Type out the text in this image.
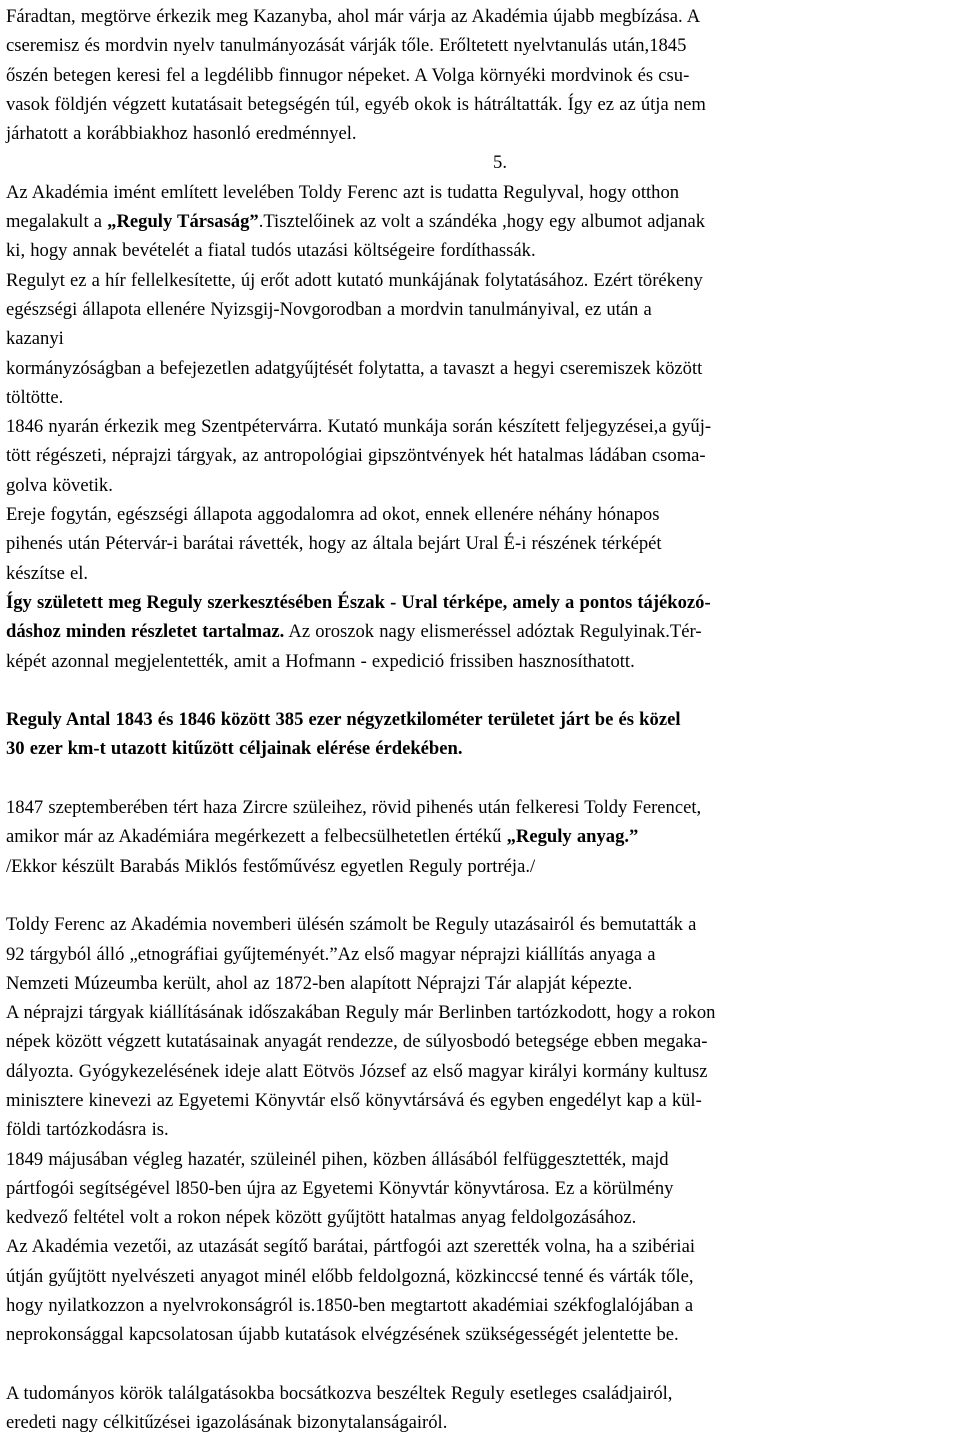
Fáradtan, megtörve érkezik meg Kazanyba, ahol már várja az Akadémia újabb megbízása. A
cseremisz és mordvin nyelv tanulmányozását várják tőle. Erőltetett nyelvtanulás után,1845
őszén betegen keresi fel a legdélibb finnugor népeket. A Volga környéki mordvinok és csu-
vasok földjén végzett kutatásait betegségén túl, egyéb okok is hátráltatták. Így ez az útja nem
járhatott a korábbiakhoz hasonló eredménnyel.
5.
Az Akadémia imént említett levelében Toldy Ferenc azt is tudatta Regulyval, hogy otthon
megalakult a „Reguly Társaság”.Tisztelőinek az volt a szándéka ,hogy egy albumot adjanak
ki, hogy annak bevételét a fiatal tudós utazási költségeire fordíthassák.
Regulyt ez a hír fellelkesítette, új erőt adott kutató munkájának folytatásához. Ezért törékeny
egészségi állapota ellenére Nyizsgij-Novgorodban a mordvin tanulmányival, ez után a
kazanyi
kormányzóságban a befejezetlen adatgyűjtését folytatta, a tavaszt a hegyi cseremiszek között
töltötte.
1846 nyarán érkezik meg Szentpétervárra. Kutató munkája során készített feljegyzései,a gyűj-
tött régészeti, néprajzi tárgyak, az antropológiai gipszöntvények hét hatalmas ládában csoma-
golva követik.
Ereje fogytán, egészségi állapota aggodalomra ad okot, ennek ellenére néhány hónapos
pihenés után Pétervár-i barátai rávették, hogy az általa bejárt Ural É-i részének térképét
készítse el.
Így született meg Reguly szerkesztésében Észak - Ural térképe, amely a pontos tájékozó-
dáshoz minden részletet tartalmaz. Az oroszok nagy elismeréssel adóztak Regulyinak.Tér-
képét azonnal megjelentették, amit a Hofmann - expedició frissiben hasznosíthatott.
Reguly Antal 1843 és 1846 között 385 ezer négyzetkilométer területet járt be és közel
30 ezer km-t utazott kitűzött céljainak elérése érdekében.
1847 szeptemberében tért haza Zircre szüleihez, rövid pihenés után felkeresi Toldy Ferencet,
amikor már az Akadémiára megérkezett a felbecsülhetetlen értékű „Reguly anyag.”
/Ekkor készült Barabás Miklós festőművész egyetlen Reguly portréja./
Toldy Ferenc az Akadémia novemberi ülésén számolt be Reguly utazásairól és bemutatták a
92 tárgyból álló „etnográfiai gyűjteményét.”Az első magyar néprajzi kiállítás anyaga a
Nemzeti Múzeumba került, ahol az 1872-ben alapított Néprajzi Tár alapját képezte.
A néprajzi tárgyak kiállításának időszakában Reguly már Berlinben tartózkodott, hogy a rokon
népek között végzett kutatásainak anyagát rendezze, de súlyosbodó betegsége ebben megaka-
dályozta. Gyógykezelésének ideje alatt Eötvös József az első magyar királyi kormány kultusz
minisztere kinevezi az Egyetemi Könyvtár első könyvtársává és egyben engedélyt kap a kül-
földi tartózkodásra is.
1849 májusában végleg hazatér, szüleinél pihen, közben állásából felfüggesztették, majd
pártfogói segítségével l850-ben újra az Egyetemi Könyvtár könyvtárosa. Ez a körülmény
kedvező feltétel volt a rokon népek között gyűjtött hatalmas anyag feldolgozásához.
Az Akadémia vezetői, az utazását segítő barátai, pártfogói azt szerették volna, ha a szibériai
útján gyűjtött nyelvészeti anyagot minél előbb feldolgozná, közkinccsé tenné és várták tőle,
hogy nyilatkozzon a nyelvrokonságról is.1850-ben megtartott akadémiai székfoglalójában a
neprokonsággal kapcsolatosan újabb kutatások elvégzésének szükségességét jelentette be.
A tudományos körök találgatásokba bocsátkozva beszéltek Reguly esetleges családjairól,
eredeti nagy célkitűzései igazolásának bizonytalanságairól.
